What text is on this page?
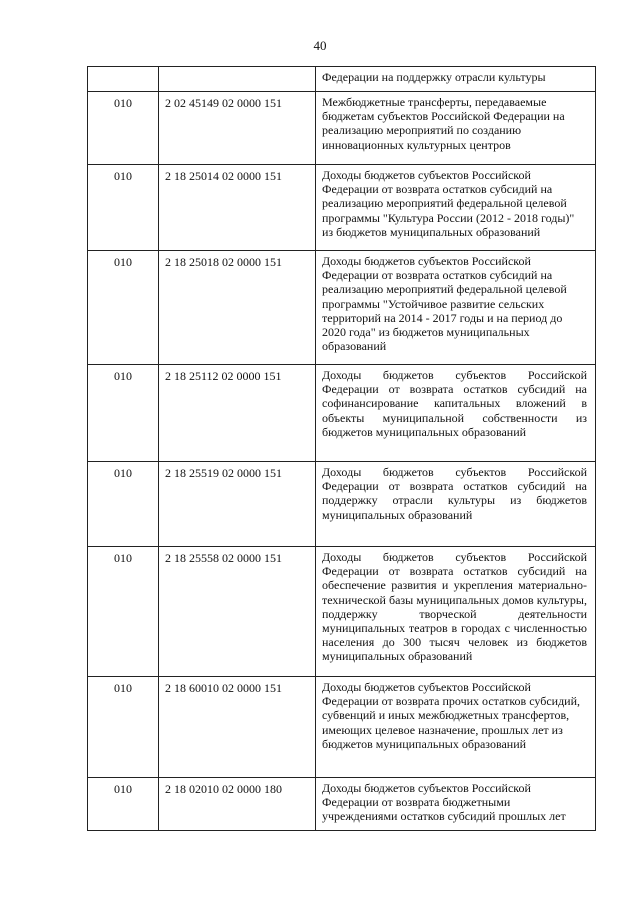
40
		Федерации на поддержку отрасли культуры
010	2 02 45149 02 0000 151	Межбюджетные трансферты, передаваемые бюджетам субъектов Российской Федерации на реализацию мероприятий по созданию инновационных культурных центров
010	2 18 25014 02 0000 151	Доходы бюджетов субъектов Российской Федерации от возврата остатков субсидий на реализацию мероприятий федеральной целевой программы "Культура России (2012 - 2018 годы)" из бюджетов муниципальных образований
010	2 18 25018 02 0000 151	Доходы бюджетов субъектов Российской Федерации от возврата остатков субсидий на реализацию мероприятий федеральной целевой программы "Устойчивое развитие сельских территорий на 2014 - 2017 годы и на период до 2020 года" из бюджетов муниципальных образований
010	2 18 25112 02 0000 151	Доходы бюджетов субъектов Российской Федерации от возврата остатков субсидий на софинансирование капитальных вложений в объекты муниципальной собственности из бюджетов муниципальных образований
010	2 18 25519 02 0000 151	Доходы бюджетов субъектов Российской Федерации от возврата остатков субсидий на поддержку отрасли культуры из бюджетов муниципальных образований
010	2 18 25558 02 0000 151	Доходы бюджетов субъектов Российской Федерации от возврата остатков субсидий на обеспечение развития и укрепления материально-технической базы муниципальных домов культуры, поддержку творческой деятельности муниципальных театров в городах с численностью населения до 300 тысяч человек из бюджетов муниципальных образований
010	2 18 60010 02 0000 151	Доходы бюджетов субъектов Российской Федерации от возврата прочих остатков субсидий, субвенций и иных межбюджетных трансфертов, имеющих целевое назначение, прошлых лет из бюджетов муниципальных образований
010	2 18 02010 02 0000 180	Доходы бюджетов субъектов Российской Федерации от возврата бюджетными учреждениями остатков субсидий прошлых лет
